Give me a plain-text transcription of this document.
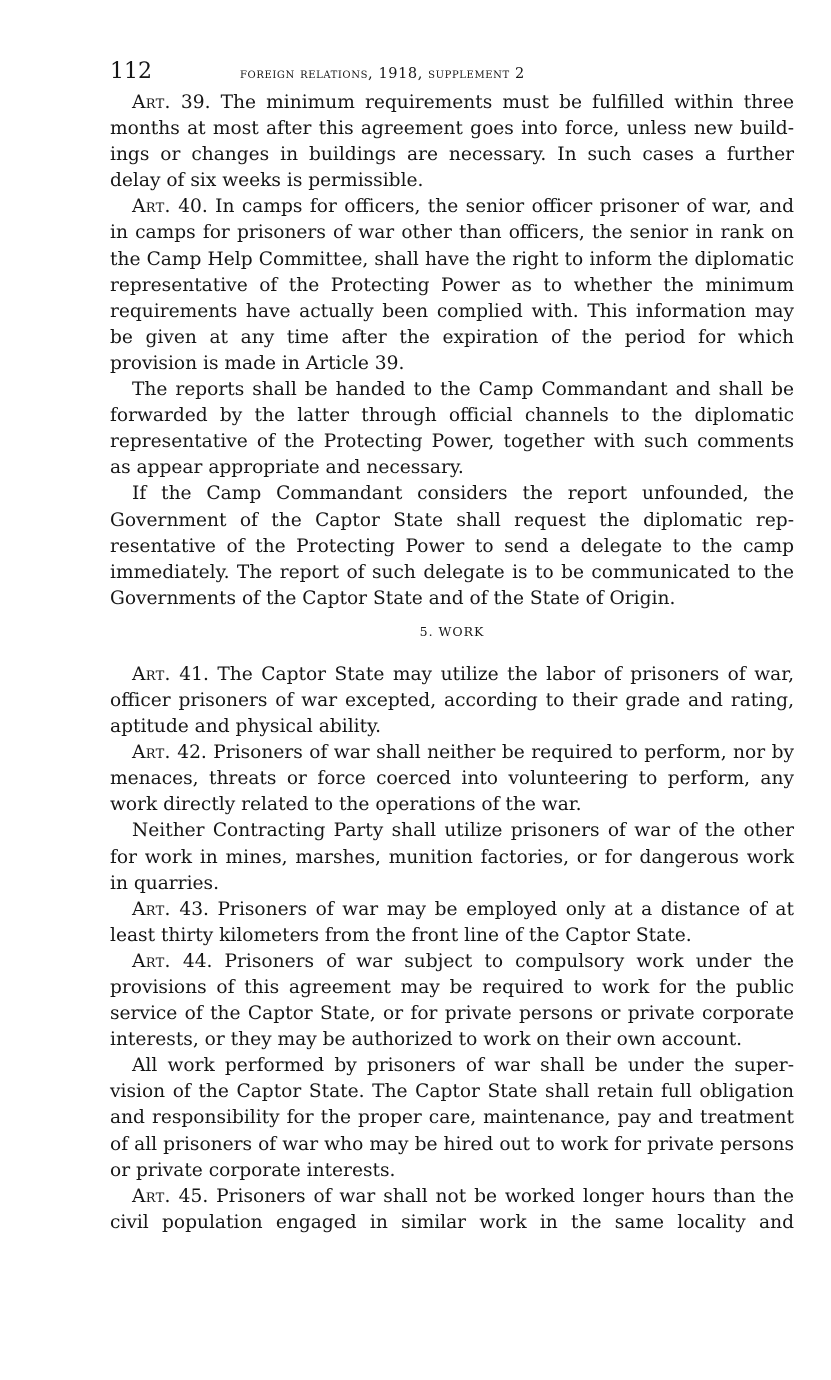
112	foreign relations, 1918, supplement 2

Art. 39. The minimum requirements must be fulfilled within three months at most after this agreement goes into force, unless new buildings or changes in buildings are necessary. In such cases a further delay of six weeks is permissible.

Art. 40. In camps for officers, the senior officer prisoner of war, and in camps for prisoners of war other than officers, the senior in rank on the Camp Help Committee, shall have the right to inform the diplomatic representative of the Protecting Power as to whether the minimum requirements have actually been complied with. This information may be given at any time after the expiration of the period for which provision is made in Article 39.

The reports shall be handed to the Camp Commandant and shall be forwarded by the latter through official channels to the diplomatic representative of the Protecting Power, together with such comments as appear appropriate and necessary.

If the Camp Commandant considers the report unfounded, the Government of the Captor State shall request the diplomatic representative of the Protecting Power to send a delegate to the camp immediately. The report of such delegate is to be communicated to the Governments of the Captor State and of the State of Origin.

5. WORK

Art. 41. The Captor State may utilize the labor of prisoners of war, officer prisoners of war excepted, according to their grade and rating, aptitude and physical ability.

Art. 42. Prisoners of war shall neither be required to perform, nor by menaces, threats or force coerced into volunteering to perform, any work directly related to the operations of the war.

Neither Contracting Party shall utilize prisoners of war of the other for work in mines, marshes, munition factories, or for dangerous work in quarries.

Art. 43. Prisoners of war may be employed only at a distance of at least thirty kilometers from the front line of the Captor State.

Art. 44. Prisoners of war subject to compulsory work under the provisions of this agreement may be required to work for the public service of the Captor State, or for private persons or private corporate interests, or they may be authorized to work on their own account.

All work performed by prisoners of war shall be under the supervision of the Captor State. The Captor State shall retain full obligation and responsibility for the proper care, maintenance, pay and treatment of all prisoners of war who may be hired out to work for private persons or private corporate interests.

Art. 45. Prisoners of war shall not be worked longer hours than the civil population engaged in similar work in the same locality and
